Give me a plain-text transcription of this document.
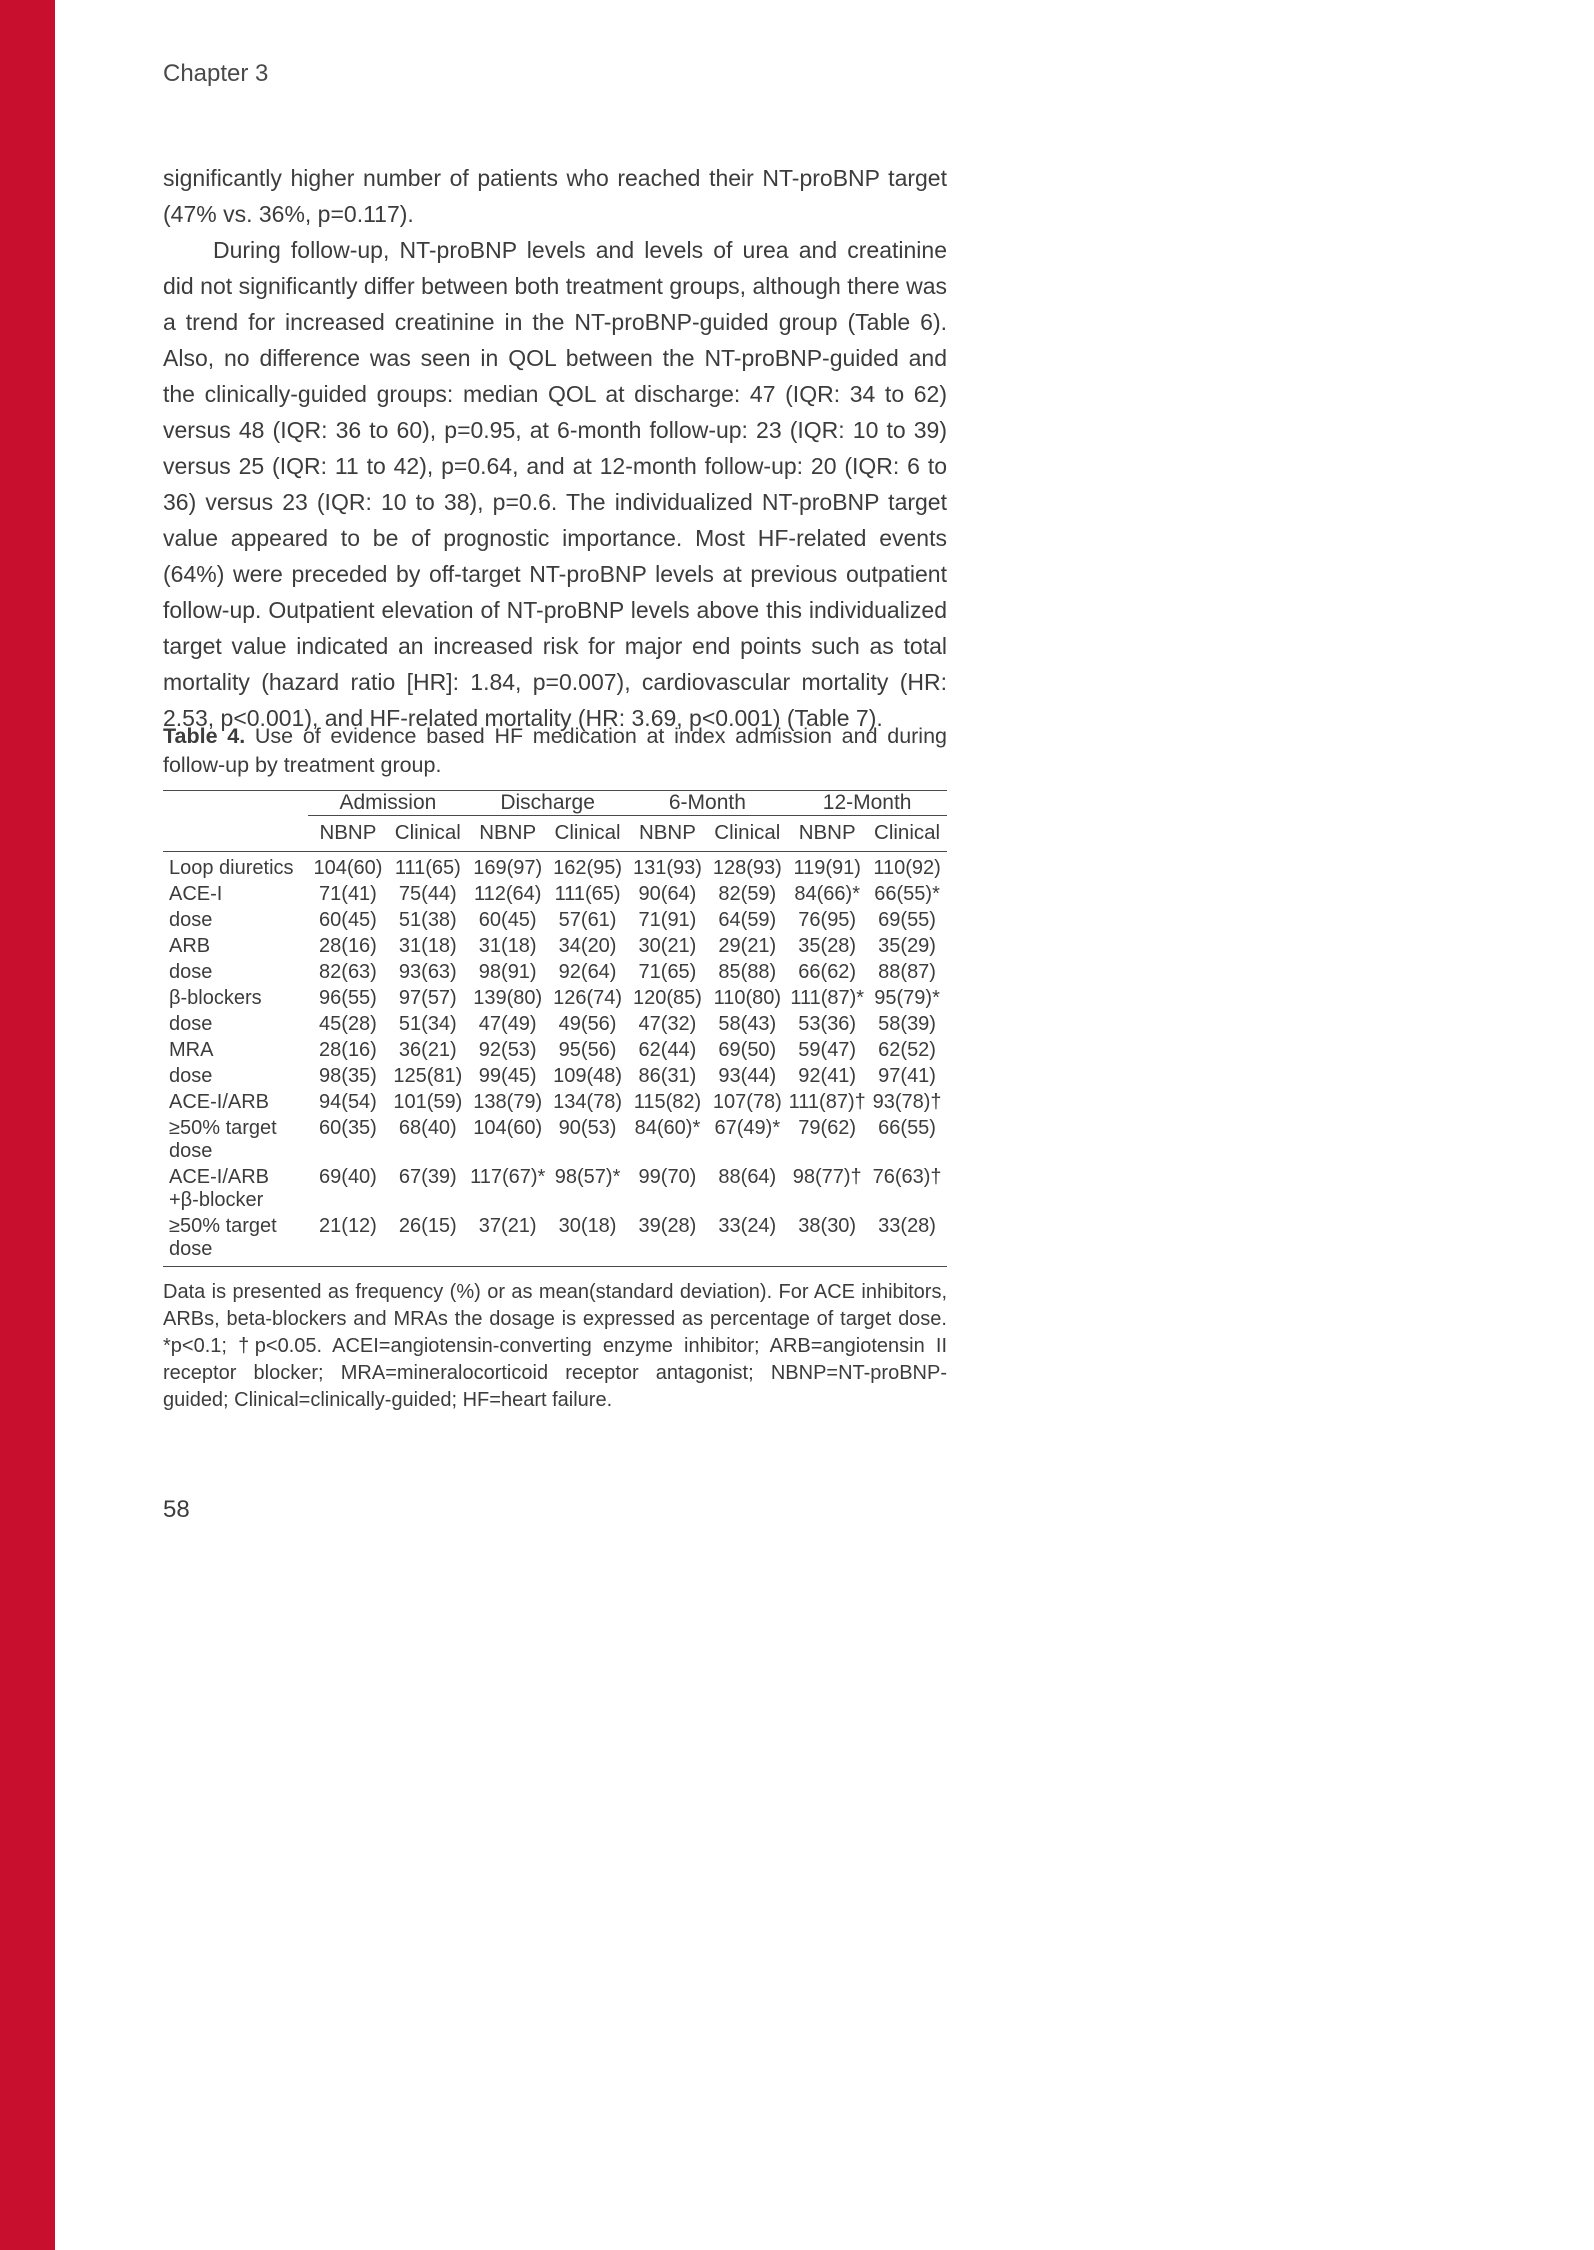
Chapter 3

significantly higher number of patients who reached their NT-proBNP target (47% vs. 36%, p=0.117).

During follow-up, NT-proBNP levels and levels of urea and creatinine did not significantly differ between both treatment groups, although there was a trend for increased creatinine in the NT-proBNP-guided group (Table 6). Also, no difference was seen in QOL between the NT-proBNP-guided and the clinically-guided groups: median QOL at discharge: 47 (IQR: 34 to 62) versus 48 (IQR: 36 to 60), p=0.95, at 6-month follow-up: 23 (IQR: 10 to 39) versus 25 (IQR: 11 to 42), p=0.64, and at 12-month follow-up: 20 (IQR: 6 to 36) versus 23 (IQR: 10 to 38), p=0.6. The individualized NT-proBNP target value appeared to be of prognostic importance. Most HF-related events (64%) were preceded by off-target NT-proBNP levels at previous outpatient follow-up. Outpatient elevation of NT-proBNP levels above this individualized target value indicated an increased risk for major end points such as total mortality (hazard ratio [HR]: 1.84, p=0.007), cardiovascular mortality (HR: 2.53, p<0.001), and HF-related mortality (HR: 3.69, p<0.001) (Table 7).

Table 4. Use of evidence based HF medication at index admission and during follow-up by treatment group.

	Admission		Discharge		6-Month		12-Month	
	NBNP	Clinical	NBNP	Clinical	NBNP	Clinical	NBNP	Clinical
Loop diuretics	104(60)	111(65)	169(97)	162(95)	131(93)	128(93)	119(91)	110(92)
ACE-I	71(41)	75(44)	112(64)	111(65)	90(64)	82(59)	84(66)*	66(55)*
dose	60(45)	51(38)	60(45)	57(61)	71(91)	64(59)	76(95)	69(55)
ARB	28(16)	31(18)	31(18)	34(20)	30(21)	29(21)	35(28)	35(29)
dose	82(63)	93(63)	98(91)	92(64)	71(65)	85(88)	66(62)	88(87)
β-blockers	96(55)	97(57)	139(80)	126(74)	120(85)	110(80)	111(87)*	95(79)*
dose	45(28)	51(34)	47(49)	49(56)	47(32)	58(43)	53(36)	58(39)
MRA	28(16)	36(21)	92(53)	95(56)	62(44)	69(50)	59(47)	62(52)
dose	98(35)	125(81)	99(45)	109(48)	86(31)	93(44)	92(41)	97(41)
ACE-I/ARB	94(54)	101(59)	138(79)	134(78)	115(82)	107(78)	111(87)†	93(78)†
≥50% target dose	60(35)	68(40)	104(60)	90(53)	84(60)*	67(49)*	79(62)	66(55)
ACE-I/ARB +β-blocker	69(40)	67(39)	117(67)*	98(57)*	99(70)	88(64)	98(77)†	76(63)†
≥50% target dose	21(12)	26(15)	37(21)	30(18)	39(28)	33(24)	38(30)	33(28)

Data is presented as frequency (%) or as mean(standard deviation). For ACE inhibitors, ARBs, beta-blockers and MRAs the dosage is expressed as percentage of target dose. *p<0.1; †p<0.05. ACEI=angiotensin-converting enzyme inhibitor; ARB=angiotensin II receptor blocker; MRA=mineralocorticoid receptor antagonist; NBNP=NT-proBNP-guided; Clinical=clinically-guided; HF=heart failure.

58
